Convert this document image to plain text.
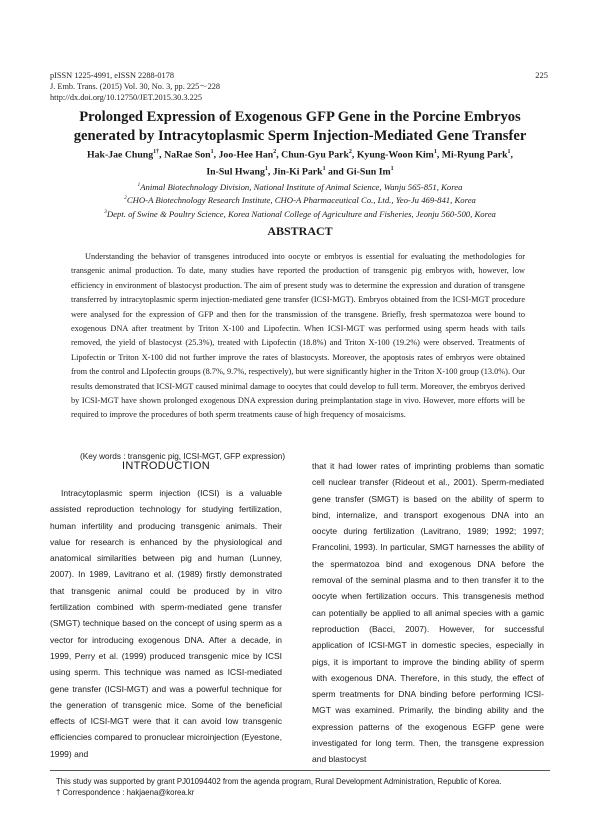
pISSN 1225-4991, eISSN 2288-0178
J. Emb. Trans. (2015) Vol. 30, No. 3, pp. 225～228
http://dx.doi.org/10.12750/JET.2015.30.3.225
225
Prolonged Expression of Exogenous GFP Gene in the Porcine Embryos
generated by Intracytoplasmic Sperm Injection-Mediated Gene Transfer
Hak-Jae Chung$^{1\dagger}$, NaRae Son$^1$, Joo-Hee Han$^2$, Chun-Gyu Park$^2$, Kyung-Woon Kim$^1$, Mi-Ryung Park$^1$,
In-Sul Hwang$^1$, Jin-Ki Park$^1$ and Gi-Sun Im$^1$
$^1$Animal Biotechnology Division, National Institute of Animal Science, Wanju 565-851, Korea
$^2$CHO-A Biotechnology Research Institute, CHO-A Pharmaceutical Co., Ltd., Yeo-Ju 469-841, Korea
$^3$Dept. of Swine & Poultry Science, Korea National College of Agriculture and Fisheries, Jeonju 560-500, Korea
ABSTRACT

Understanding the behavior of transgenes introduced into oocyte or embryos is essential for evaluating the methodologies for transgenic animal production. To date, many studies have reported the production of transgenic pig embryos with, however, low efficiency in environment of blastocyst production. The aim of present study was to determine the expression and duration of transgene transferred by intracytoplasmic sperm injection-mediated gene transfer (ICSI-MGT). Embryos obtained from the ICSI-MGT procedure were analysed for the expression of GFP and then for the transmission of the transgene. Briefly, fresh spermatozoa were bound to exogenous DNA after treatment by Triton X-100 and Lipofectin. When ICSI-MGT was performed using sperm heads with tails removed, the yield of blastocyst (25.3%), treated with Lipofectin (18.8%) and Triton X-100 (19.2%) were observed. Treatments of Lipofectin or Triton X-100 did not further improve the rates of blastocysts. Moreover, the apoptosis rates of embryos were obtained from the control and LIpofectin groups (8.7%, 9.7%, respectively), but were significantly higher in the Triton X-100 group (13.0%). Our results demonstrated that ICSI-MGT caused minimal damage to oocytes that could develop to full term. Moreover, the embryos derived by ICSI-MGT have shown prolonged exogenous DNA expression during preimplantation stage in vivo. However, more efforts will be required to improve the procedures of both sperm treatments cause of high frequency of mosaicisms.

(Key words : transgenic pig, ICSI-MGT, GFP expression)
INTRODUCTION

Intracytoplasmic sperm injection (ICSI) is a valuable assisted reproduction technology for studying fertilization, human infertility and producing transgenic animals. Their value for research is enhanced by the physiological and anatomical similarities between pig and human (Lunney, 2007). In 1989, Lavitrano et al. (1989) firstly demonstrated that transgenic animal could be produced by in vitro fertilization combined with sperm-mediated gene transfer (SMGT) technique based on the concept of using sperm as a vector for introducing exogenous DNA. After a decade, in 1999, Perry et al. (1999) produced transgenic mice by ICSI using sperm. This technique was named as ICSI-mediated gene transfer (ICSI-MGT) and was a powerful technique for the generation of transgenic mice. Some of the beneficial effects of ICSI-MGT were that it can avoid low transgenic efficiencies compared to pronuclear microinjection (Eyestone, 1999) and

that it had lower rates of imprinting problems than somatic cell nuclear transfer (Rideout et al., 2001). Sperm-mediated gene transfer (SMGT) is based on the ability of sperm to bind, internalize, and transport exogenous DNA into an oocyte during fertilization (Lavitrano, 1989; 1992; 1997; Francolini, 1993). In particular, SMGT harnesses the ability of the spermatozoa bind and exogenous DNA before the removal of the seminal plasma and to then transfer it to the oocyte when fertilization occurs. This transgenesis method can potentially be applied to all animal species with a gamic reproduction (Bacci, 2007). However, for successful application of ICSI-MGT in domestic species, especially in pigs, it is important to improve the binding ability of sperm with exogenous DNA. Therefore, in this study, the effect of sperm treatments for DNA binding before performing ICSI-MGT was examined. Primarily, the binding ability and the expression patterns of the exogenous EGFP gene were investigated for long term. Then, the transgene expression and blastocyst

This study was supported by grant PJ01094402 from the agenda program, Rural Development Administration, Republic of Korea.
† Correspondence : hakjaena@korea.kr
